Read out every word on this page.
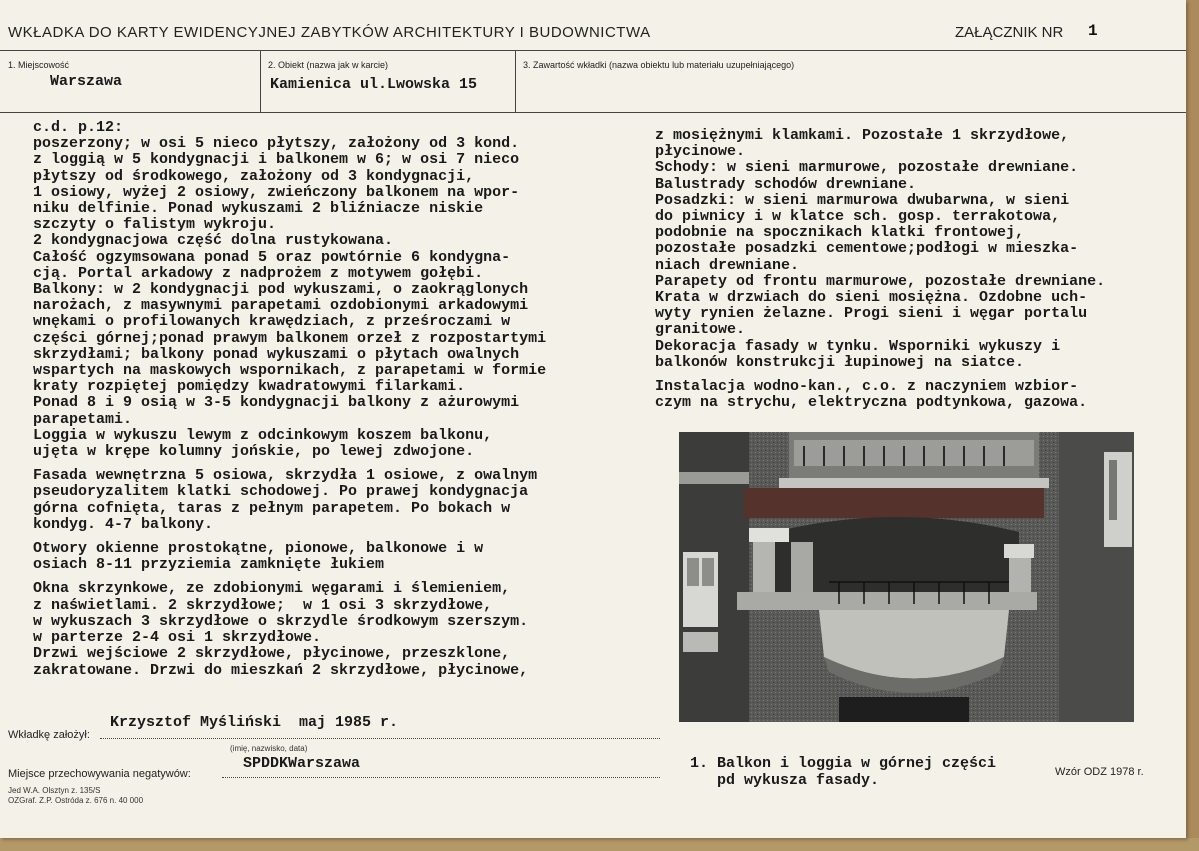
WKŁADKA DO KARTY EWIDENCYJNEJ ZABYTKÓW ARCHITEKTURY I BUDOWNICTWA	ZAŁĄCZNIK NR 1
1. Miejscowość	2. Obiekt (nazwa jak w karcie)	3. Zawartość wkładki (nazwa obiektu lub materiału uzupełniającego)
Warszawa	Kamienica ul.Lwowska 15
c.d. p.12:
poszerzony; w osi 5 nieco płytszy, założony od 3 kond.
z loggią w 5 kondygnacji i balkonem w 6; w osi 7 nieco
płytszy od środkowego, założony od 3 kondygnacji,
1 osiowy, wyżej 2 osiowy, zwieńczony balkonem na wpor-
niku delfinie. Ponad wykuszami 2 bliźniacze niskie
szczyty o falistym wykroju.
2 kondygnacjowa część dolna rustykowana.
Całość ogzymsowana ponad 5 oraz powtórnie 6 kondygna-
cją. Portal arkadowy z nadprożem z motywem gołębi.
Balkony: w 2 kondygnacji pod wykuszami, o zaokrąglonych
narożach, z masywnymi parapetami ozdobionymi arkadowymi
wnękami o profilowanych krawędziach, z prześroczami w
części górnej;ponad prawym balkonem orzeł z rozpostartymi
skrzydłami; balkony ponad wykuszami o płytach owalnych
wspartych na maskowych wspornikach, z parapetami w formie
kraty rozpiętej pomiędzy kwadratowymi filarkami.
Ponad 8 i 9 osią w 3-5 kondygnacji balkony z ażurowymi
parapetami.
Loggia w wykuszu lewym z odcinkowym koszem balkonu,
ujęta w krępe kolumny jońskie, po lewej zdwojone.
Fasada wewnętrzna 5 osiowa, skrzydła 1 osiowe, z owalnym
pseudoryzalitem klatki schodowej. Po prawej kondygnacja
górna cofnięta, taras z pełnym parapetem. Po bokach w
kondyg. 4-7 balkony.
Otwory okienne prostokątne, pionowe, balkonowe i w
osiach 8-11 przyziemia zamknięte łukiem
Okna skrzynkowe, ze zdobionymi węgarami i ślemieniem,
z naświetlami. 2 skrzydłowe;  w 1 osi 3 skrzydłowe,
w wykuszach 3 skrzydłowe o skrzydle środkowym szerszym.
w parterze 2-4 osi 1 skrzydłowe.
Drzwi wejściowe 2 skrzydłowe, płycinowe, przeszklone,
zakratowane. Drzwi do mieszkań 2 skrzydłowe, płycinowe,
z mosiężnymi klamkami. Pozostałe 1 skrzydłowe,
płycinowe.
Schody: w sieni marmurowe, pozostałe drewniane.
Balustrady schodów drewniane.
Posadzki: w sieni marmurowa dwubarwna, w sieni
do piwnicy i w klatce sch. gosp. terrakotowa,
podobnie na spocznikach klatki frontowej,
pozostałe posadzki cementowe;podłogi w mieszka-
niach drewniane.
Parapety od frontu marmurowe, pozostałe drewniane.
Krata w drzwiach do sieni mosiężna. Ozdobne uch-
wyty rynien żelazne. Progi sieni i węgar portalu
granitowe.
Dekoracja fasady w tynku. Wsporniki wykuszy i
balkonów konstrukcji łupinowej na siatce.
Instalacja wodno-kan., c.o. z naczyniem wzbior-
czym na strychu, elektryczna podtynkowa, gazowa.
1. Balkon i loggia w górnej części
pd wykusza fasady.	Wzór ODZ 1978 r.
Wkładkę założył:
Krzysztof Myśliński  maj 1985 r.
(imię, nazwisko, data)
Miejsce przechowywania negatywów:
SPDDKWarszawa
Jed W.A. Olsztyn z. 135/S
OZGraf. Z.P. Ostróda z. 676 n. 40 000
